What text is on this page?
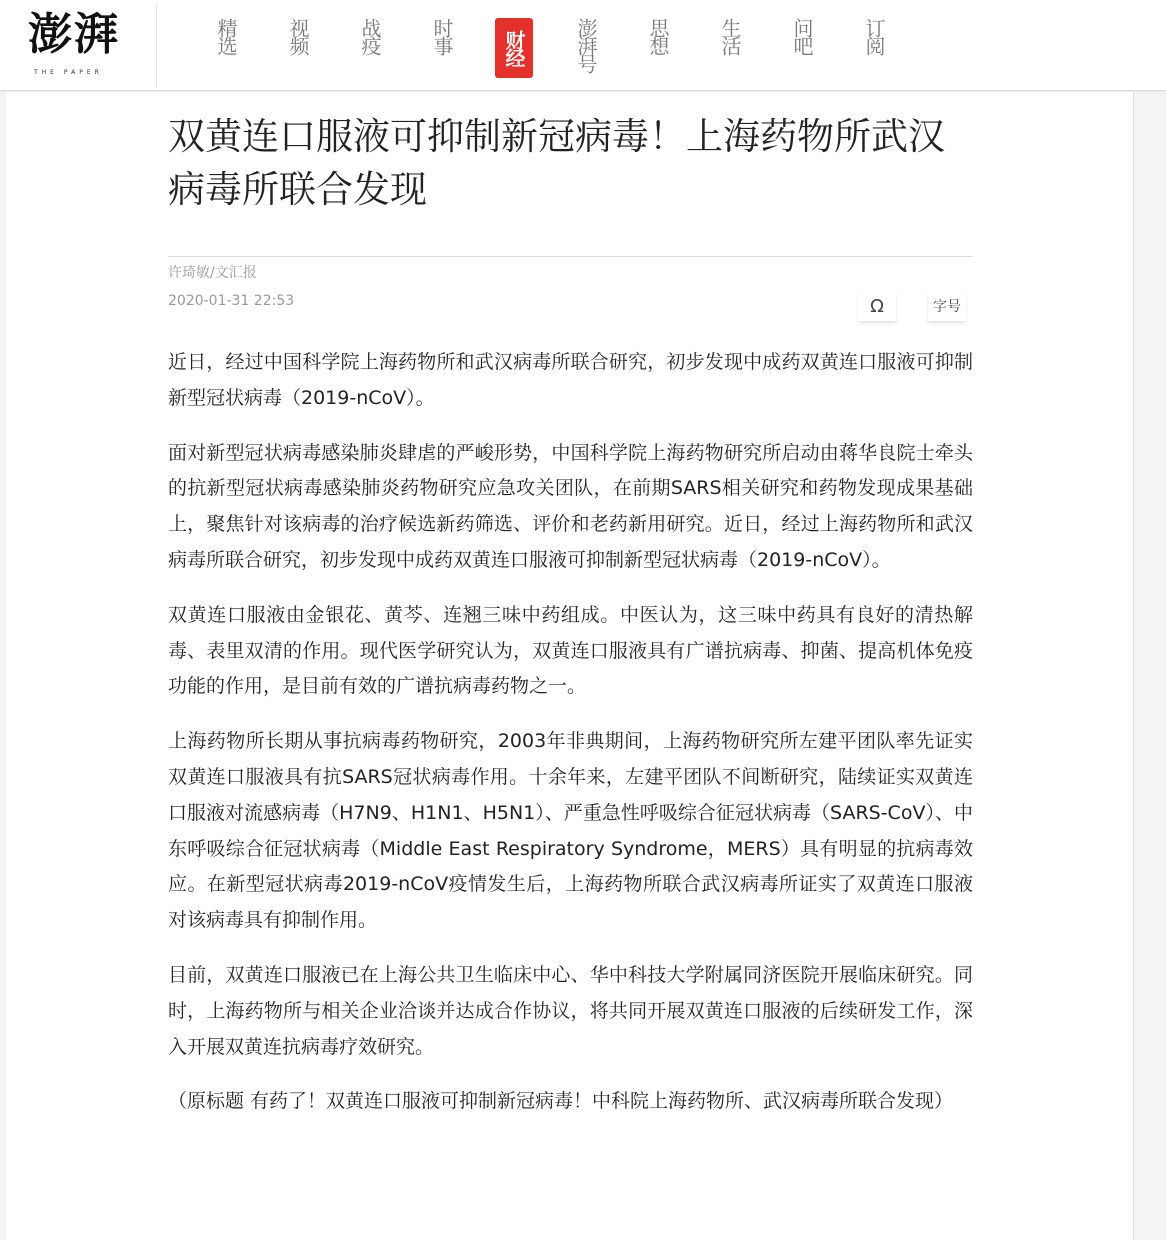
澎湃
THE PAPER
精选 视频 战疫 时事	财经	澎湃号 思想 生活 问吧 订阅
双黄连口服液可抑制新冠病毒！上海药物所武汉病毒所联合发现
许琦敏/文汇报
2020-01-31 22:53	Ω	字号

近日，经过中国科学院上海药物所和武汉病毒所联合研究，初步发现中成药双黄连口服液可抑制新型冠状病毒（2019-nCoV）。

面对新型冠状病毒感染肺炎肆虐的严峻形势，中国科学院上海药物研究所启动由蒋华良院士牵头的抗新型冠状病毒感染肺炎药物研究应急攻关团队，在前期SARS相关研究和药物发现成果基础上，聚焦针对该病毒的治疗候选新药筛选、评价和老药新用研究。近日，经过上海药物所和武汉病毒所联合研究，初步发现中成药双黄连口服液可抑制新型冠状病毒（2019-nCoV）。

双黄连口服液由金银花、黄芩、连翘三味中药组成。中医认为，这三味中药具有良好的清热解毒、表里双清的作用。现代医学研究认为，双黄连口服液具有广谱抗病毒、抑菌、提高机体免疫功能的作用，是目前有效的广谱抗病毒药物之一。

上海药物所长期从事抗病毒药物研究，2003年非典期间，上海药物研究所左建平团队率先证实双黄连口服液具有抗SARS冠状病毒作用。十余年来，左建平团队不间断研究，陆续证实双黄连口服液对流感病毒（H7N9、H1N1、H5N1）、严重急性呼吸综合征冠状病毒（SARS-CoV）、中东呼吸综合征冠状病毒（Middle East Respiratory Syndrome，MERS）具有明显的抗病毒效应。在新型冠状病毒2019-nCoV疫情发生后，上海药物所联合武汉病毒所证实了双黄连口服液对该病毒具有抑制作用。

目前，双黄连口服液已在上海公共卫生临床中心、华中科技大学附属同济医院开展临床研究。同时，上海药物所与相关企业洽谈并达成合作协议，将共同开展双黄连口服液的后续研发工作，深入开展双黄连抗病毒疗效研究。

（原标题 有药了！双黄连口服液可抑制新冠病毒！中科院上海药物所、武汉病毒所联合发现）
